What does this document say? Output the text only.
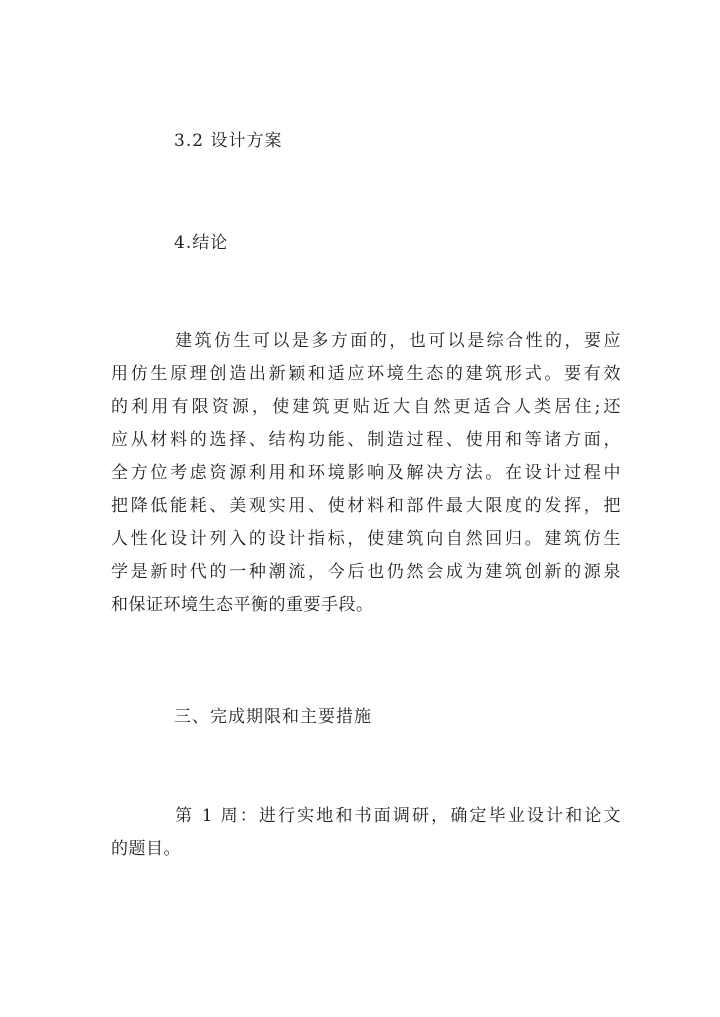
3.2 设计方案
4.结论
建筑仿生可以是多方面的，也可以是综合性的，要应
用仿生原理创造出新颖和适应环境生态的建筑形式。要有效
的利用有限资源，使建筑更贴近大自然更适合人类居住;还
应从材料的选择、结构功能、制造过程、使用和等诸方面，
全方位考虑资源利用和环境影响及解决方法。在设计过程中
把降低能耗、美观实用、使材料和部件最大限度的发挥，把
人性化设计列入的设计指标，使建筑向自然回归。建筑仿生
学是新时代的一种潮流，今后也仍然会成为建筑创新的源泉
和保证环境生态平衡的重要手段。
三、完成期限和主要措施
第 1 周：进行实地和书面调研，确定毕业设计和论文
的题目。
